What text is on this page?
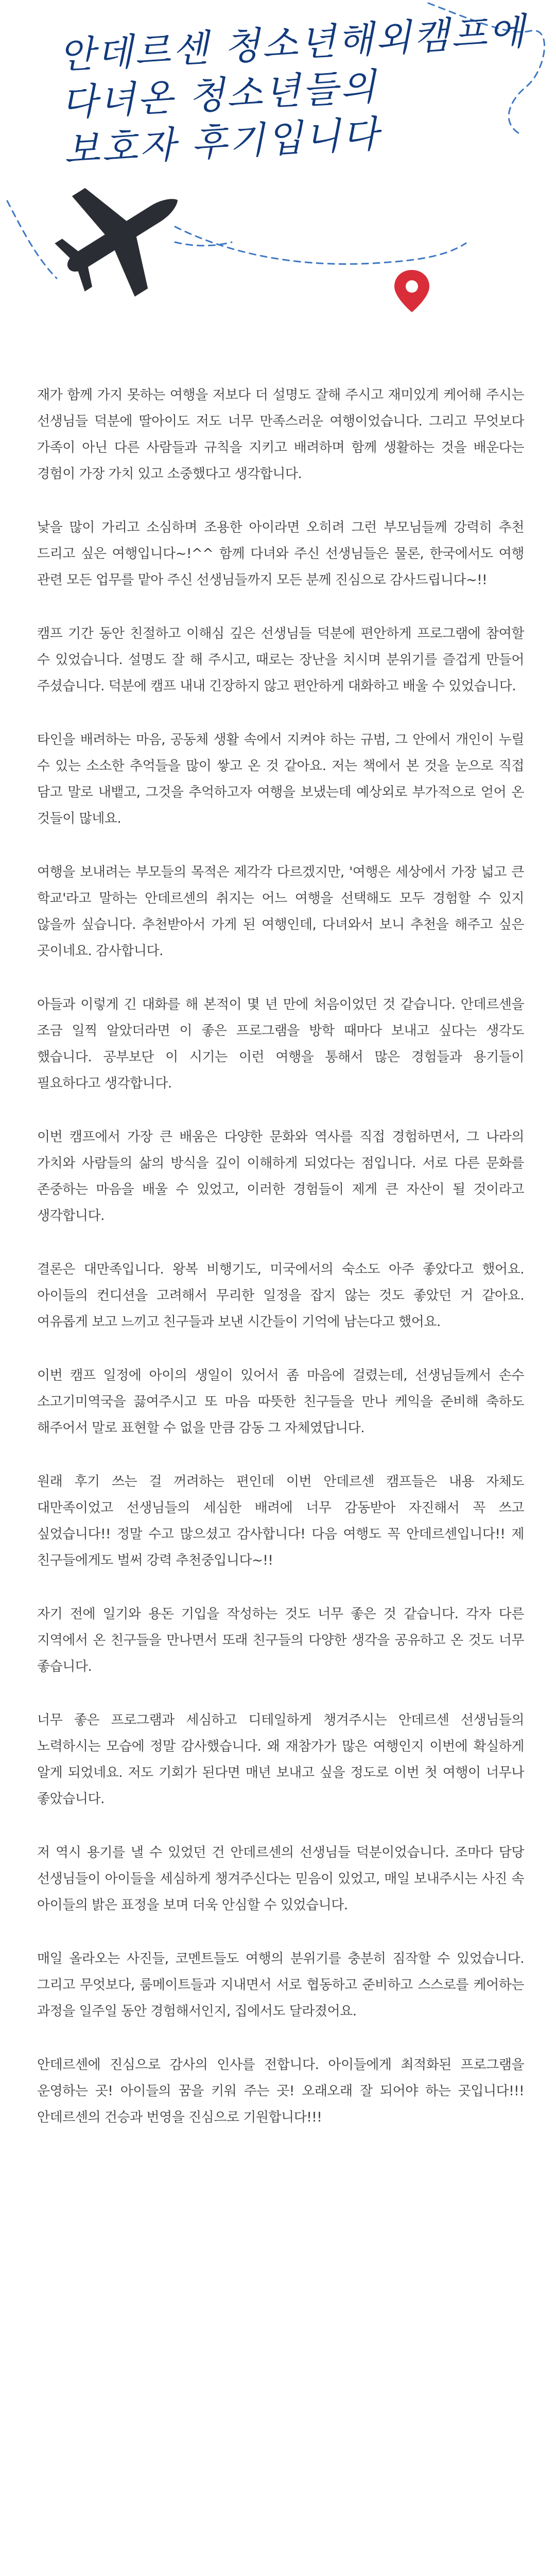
안데르센 청소년해외캠프에
다녀온 청소년들의
보호자 후기입니다

재가 함께 가지 못하는 여행을 저보다 더 설명도 잘해 주시고 재미있게 케어해 주시는 선생님들 덕분에 딸아이도 저도 너무 만족스러운 여행이었습니다. 그리고 무엇보다 가족이 아닌 다른 사람들과 규칙을 지키고 배려하며 함께 생활하는 것을 배운다는 경험이 가장 가치 있고 소중했다고 생각합니다.

낯을 많이 가리고 소심하며 조용한 아이라면 오히려 그런 부모님들께 강력히 추천 드리고 싶은 여행입니다~!^^ 함께 다녀와 주신 선생님들은 물론, 한국에서도 여행 관련 모든 업무를 맡아 주신 선생님들까지 모든 분께 진심으로 감사드립니다~!!

캠프 기간 동안 친절하고 이해심 깊은 선생님들 덕분에 편안하게 프로그램에 참여할 수 있었습니다. 설명도 잘 해 주시고, 때로는 장난을 치시며 분위기를 즐겁게 만들어 주셨습니다. 덕분에 캠프 내내 긴장하지 않고 편안하게 대화하고 배울 수 있었습니다.

타인을 배려하는 마음, 공동체 생활 속에서 지켜야 하는 규범, 그 안에서 개인이 누릴 수 있는 소소한 추억들을 많이 쌓고 온 것 같아요. 저는 책에서 본 것을 눈으로 직접 담고 말로 내뱉고, 그것을 추억하고자 여행을 보냈는데 예상외로 부가적으로 얻어 온 것들이 많네요.

여행을 보내려는 부모들의 목적은 제각각 다르겠지만, '여행은 세상에서 가장 넓고 큰 학교'라고 말하는 안데르센의 취지는 어느 여행을 선택해도 모두 경험할 수 있지 않을까 싶습니다. 추천받아서 가게 된 여행인데, 다녀와서 보니 추천을 해주고 싶은 곳이네요. 감사합니다.

아들과 이렇게 긴 대화를 해 본적이 몇 년 만에 처음이었던 것 같습니다. 안데르센을 조금 일찍 알았더라면 이 좋은 프로그램을 방학 때마다 보내고 싶다는 생각도 했습니다. 공부보단 이 시기는 이런 여행을 통해서 많은 경험들과 용기들이 필요하다고 생각합니다.

이번 캠프에서 가장 큰 배움은 다양한 문화와 역사를 직접 경험하면서, 그 나라의 가치와 사람들의 삶의 방식을 깊이 이해하게 되었다는 점입니다. 서로 다른 문화를 존중하는 마음을 배울 수 있었고, 이러한 경험들이 제게 큰 자산이 될 것이라고 생각합니다.

결론은 대만족입니다. 왕복 비행기도, 미국에서의 숙소도 아주 좋았다고 했어요. 아이들의 컨디션을 고려해서 무리한 일정을 잡지 않는 것도 좋았던 거 같아요. 여유롭게 보고 느끼고 친구들과 보낸 시간들이 기억에 남는다고 했어요.

이번 캠프 일정에 아이의 생일이 있어서 좀 마음에 걸렸는데, 선생님들께서 손수 소고기미역국을 끓여주시고 또 마음 따뜻한 친구들을 만나 케익을 준비해 축하도 해주어서 말로 표현할 수 없을 만큼 감동 그 자체였답니다.

원래 후기 쓰는 걸 꺼려하는 편인데 이번 안데르센 캠프들은 내용 자체도 대만족이었고 선생님들의 세심한 배려에 너무 감동받아 자진해서 꼭 쓰고 싶었습니다!! 정말 수고 많으셨고 감사합니다! 다음 여행도 꼭 안데르센입니다!! 제 친구들에게도 벌써 강력 추천중입니다~!!

자기 전에 일기와 용돈 기입을 작성하는 것도 너무 좋은 것 같습니다. 각자 다른 지역에서 온 친구들을 만나면서 또래 친구들의 다양한 생각을 공유하고 온 것도 너무 좋습니다.

너무 좋은 프로그램과 세심하고 디테일하게 챙겨주시는 안데르센 선생님들의 노력하시는 모습에 정말 감사했습니다. 왜 재참가가 많은 여행인지 이번에 확실하게 알게 되었네요. 저도 기회가 된다면 매년 보내고 싶을 정도로 이번 첫 여행이 너무나 좋았습니다.

저 역시 용기를 낼 수 있었던 건 안데르센의 선생님들 덕분이었습니다. 조마다 담당 선생님들이 아이들을 세심하게 챙겨주신다는 믿음이 있었고, 매일 보내주시는 사진 속 아이들의 밝은 표정을 보며 더욱 안심할 수 있었습니다.

매일 올라오는 사진들, 코멘트들도 여행의 분위기를 충분히 짐작할 수 있었습니다. 그리고 무엇보다, 룸메이트들과 지내면서 서로 협동하고 준비하고 스스로를 케어하는 과정을 일주일 동안 경험해서인지, 집에서도 달라졌어요.

안데르센에 진심으로 감사의 인사를 전합니다. 아이들에게 최적화된 프로그램을 운영하는 곳! 아이들의 꿈을 키워 주는 곳! 오래오래 잘 되어야 하는 곳입니다!!! 안데르센의 건승과 번영을 진심으로 기원합니다!!!
